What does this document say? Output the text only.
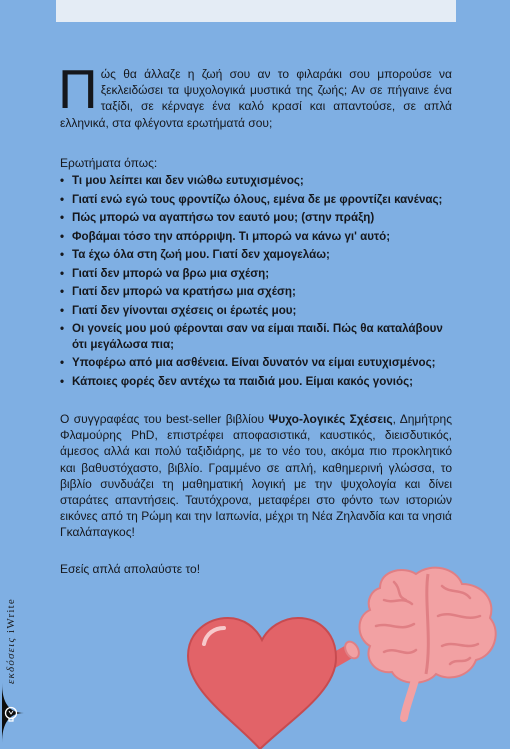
Πώς θα άλλαζε η ζωή σου αν το φιλαράκι σου μπορούσε να ξεκλειδώσει τα ψυχολογικά μυστικά της ζωής; Αν σε πήγαινε ένα ταξίδι, σε κέρναγε ένα καλό κρασί και απαντούσε, σε απλά ελληνικά, στα φλέγοντα ερωτήματά σου;

Ερωτήματα όπως:

• Τι μου λείπει και δεν νιώθω ευτυχισμένος;
• Γιατί ενώ εγώ τους φροντίζω όλους, εμένα δε με φροντίζει κανένας;
• Πώς μπορώ να αγαπήσω τον εαυτό μου; (στην πράξη)
• Φοβάμαι τόσο την απόρριψη. Τι μπορώ να κάνω γι' αυτό;
• Τα έχω όλα στη ζωή μου. Γιατί δεν χαμογελάω;
• Γιατί δεν μπορώ να βρω μια σχέση;
• Γιατί δεν μπορώ να κρατήσω μια σχέση;
• Γιατί δεν γίνονται σχέσεις οι έρωτές μου;
• Οι γονείς μου μού φέρονται σαν να είμαι παιδί. Πώς θα καταλάβουν ότι μεγάλωσα πια;
• Υποφέρω από μια ασθένεια. Είναι δυνατόν να είμαι ευτυχισμένος;
• Κάποιες φορές δεν αντέχω τα παιδιά μου. Είμαι κακός γονιός;

Ο συγγραφέας του best-seller βιβλίου Ψυχο-λογικές Σχέσεις, Δημήτρης Φλαμούρης PhD, επιστρέφει αποφασιστικά, καυστικός, διεισδυτικός, άμεσος αλλά και πολύ ταξιδιάρης, με το νέο του, ακόμα πιο προκλητικό και βαθυστόχαστο, βιβλίο. Γραμμένο σε απλή, καθημερινή γλώσσα, το βιβλίο συνδυάζει τη μαθηματική λογική με την ψυχολογία και δίνει σταράτες απαντήσεις. Ταυτόχρονα, μεταφέρει στο φόντο των ιστοριών εικόνες από τη Ρώμη και την Ιαπωνία, μέχρι τη Νέα Ζηλανδία και τα νησιά Γκαλάπαγκος!

Εσείς απλά απολαύστε το!

εκδόσεις iWrite
